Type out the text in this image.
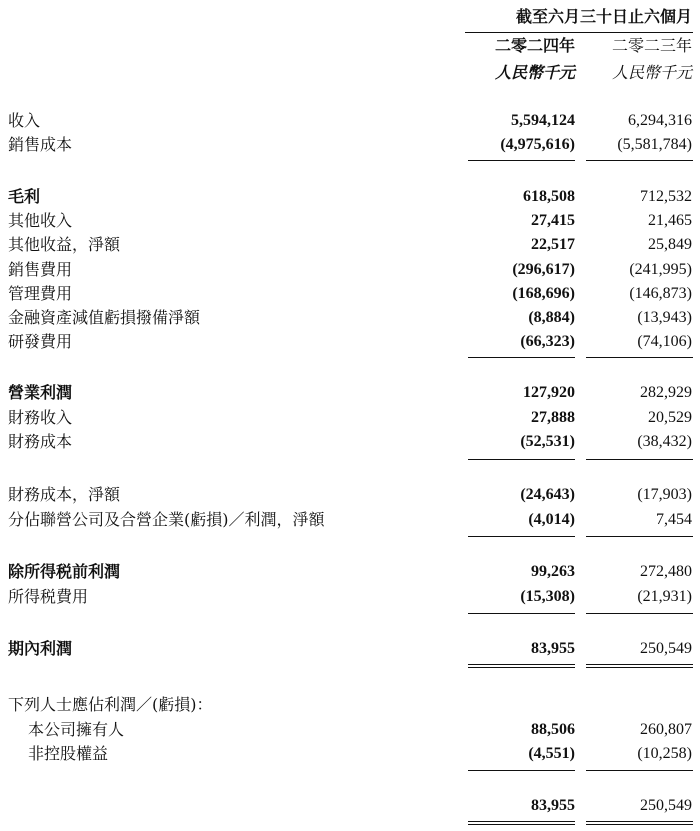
截至六月三十日止六個月
二零二四年 二零二三年
人民幣千元 人民幣千元
收入	5,594,124	6,294,316
銷售成本	(4,975,616)	(5,581,784)
毛利	618,508	712,532
其他收入	27,415	21,465
其他收益，淨額	22,517	25,849
銷售費用	(296,617)	(241,995)
管理費用	(168,696)	(146,873)
金融資產減值虧損撥備淨額	(8,884)	(13,943)
研發費用	(66,323)	(74,106)
營業利潤	127,920	282,929
財務收入	27,888	20,529
財務成本	(52,531)	(38,432)
財務成本，淨額	(24,643)	(17,903)
分佔聯營公司及合營企業(虧損)／利潤，淨額	(4,014)	7,454
除所得税前利潤	99,263	272,480
所得税費用	(15,308)	(21,931)
期內利潤	83,955	250,549
下列人士應佔利潤／(虧損)：
本公司擁有人	88,506	260,807
非控股權益	(4,551)	(10,258)
83,955	250,549
